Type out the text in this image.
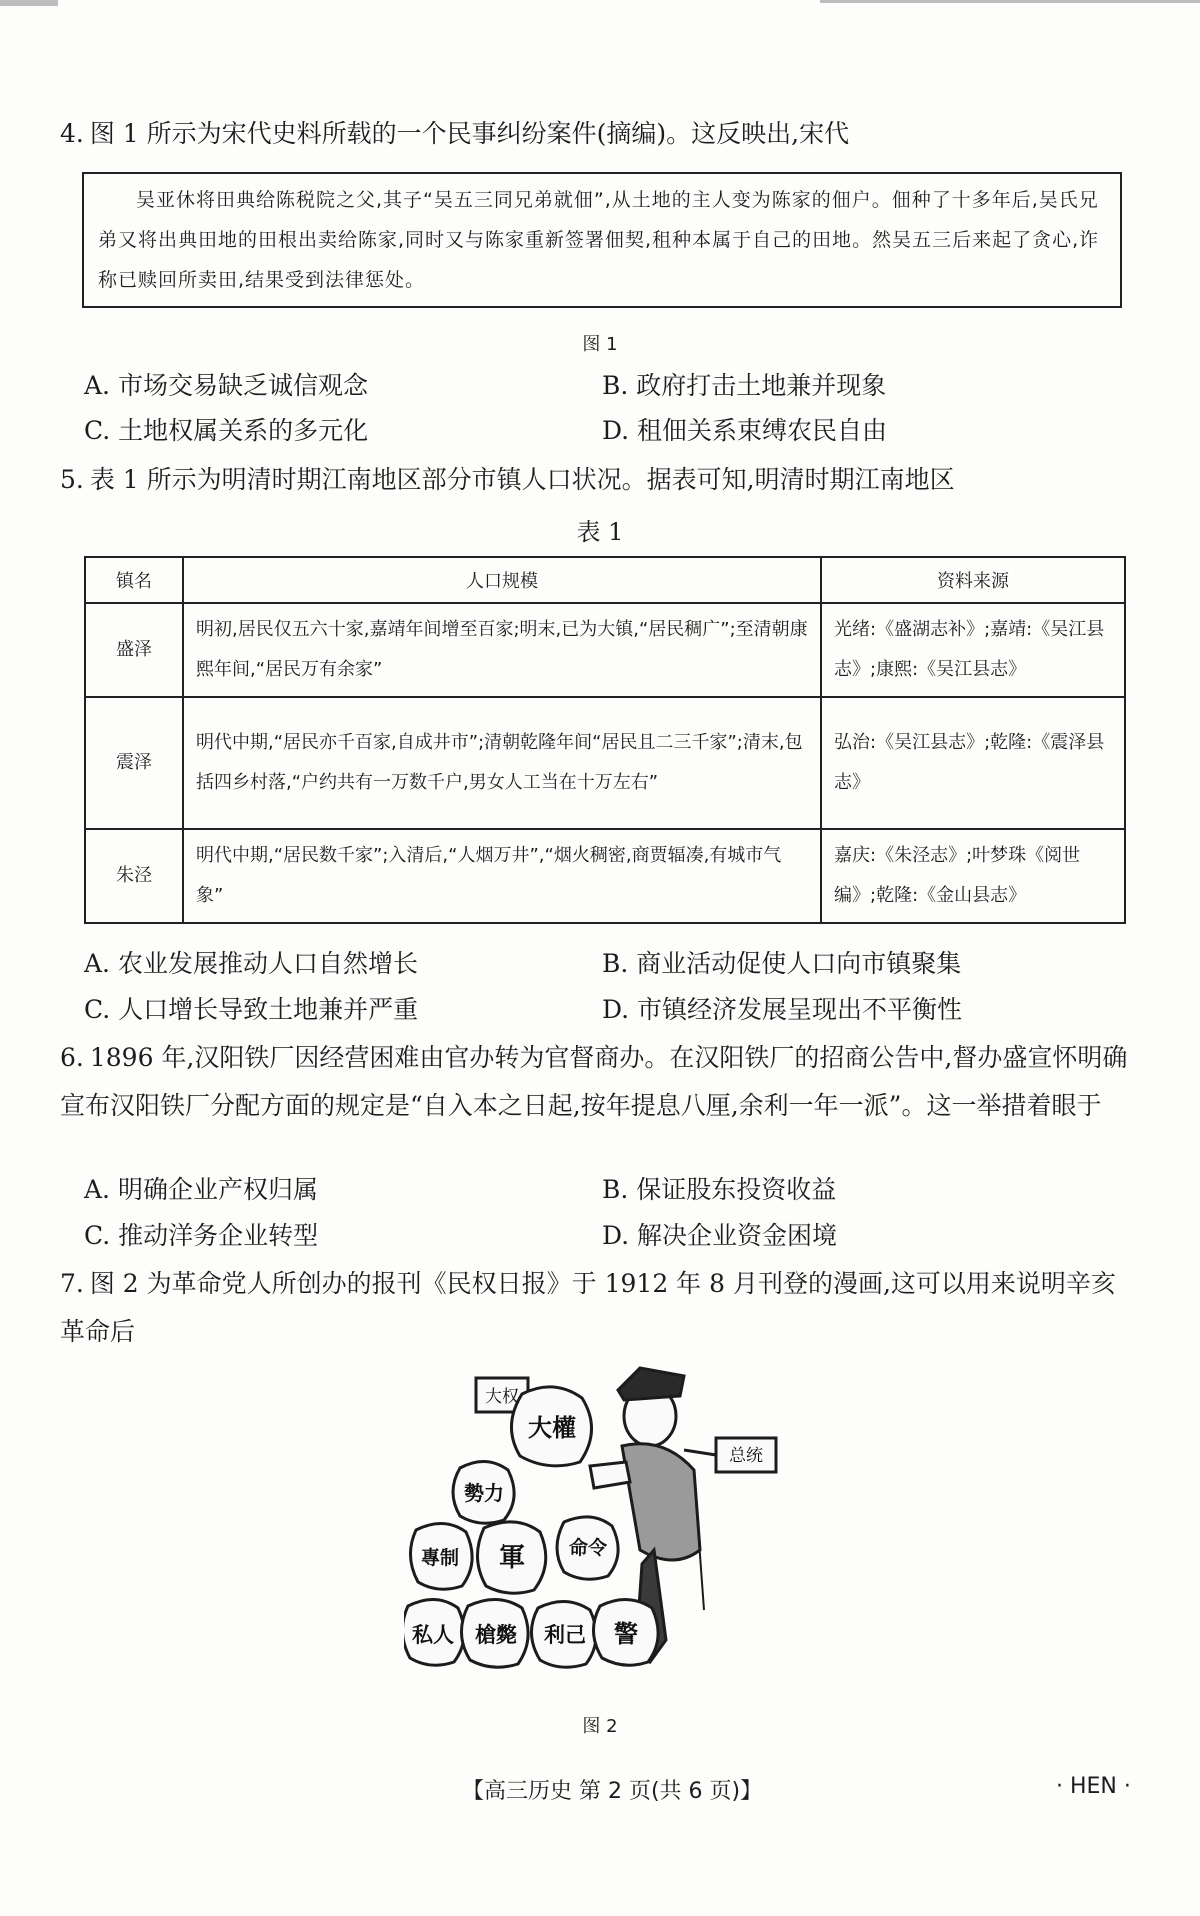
4. 图 1 所示为宋代史料所载的一个民事纠纷案件(摘编)。这反映出,宋代
吴亚休将田典给陈税院之父,其子“吴五三同兄弟就佃”,从土地的主人变为陈家的佃户。佃种了十多年后,吴氏兄弟又将出典田地的田根出卖给陈家,同时又与陈家重新签署佃契,租种本属于自己的田地。然吴五三后来起了贪心,诈称已赎回所卖田,结果受到法律惩处。
图 1
A. 市场交易缺乏诚信观念	B. 政府打击土地兼并现象
C. 土地权属关系的多元化	D. 租佃关系束缚农民自由
5. 表 1 所示为明清时期江南地区部分市镇人口状况。据表可知,明清时期江南地区
表 1
镇名	人口规模	资料来源
盛泽	明初,居民仅五六十家,嘉靖年间增至百家;明末,已为大镇,“居民稠广”;至清朝康熙年间,“居民万有余家”	光绪:《盛湖志补》;嘉靖:《吴江县志》;康熙:《吴江县志》
震泽	明代中期,“居民亦千百家,自成井市”;清朝乾隆年间“居民且二三千家”;清末,包括四乡村落,“户约共有一万数千户,男女人工当在十万左右”	弘治:《吴江县志》;乾隆:《震泽县志》
朱泾	明代中期,“居民数千家”;入清后,“人烟万井”,“烟火稠密,商贾辐凑,有城市气象”	嘉庆:《朱泾志》;叶梦珠《阅世编》;乾隆:《金山县志》
A. 农业发展推动人口自然增长	B. 商业活动促使人口向市镇聚集
C. 人口增长导致土地兼并严重	D. 市镇经济发展呈现出不平衡性
6. 1896 年,汉阳铁厂因经营困难由官办转为官督商办。在汉阳铁厂的招商公告中,督办盛宣怀明确宣布汉阳铁厂分配方面的规定是“自入本之日起,按年提息八厘,余利一年一派”。这一举措着眼于
A. 明确企业产权归属	B. 保证股东投资收益
C. 推动洋务企业转型	D. 解决企业资金困境
7. 图 2 为革命党人所创办的报刊《民权日报》于 1912 年 8 月刊登的漫画,这可以用来说明辛亥革命后
大权
总统
大權
勢力
專制 軍 命令
私人 槍斃 利己 警
图 2
【高三历史 第 2 页(共 6 页)】	· HEN ·
